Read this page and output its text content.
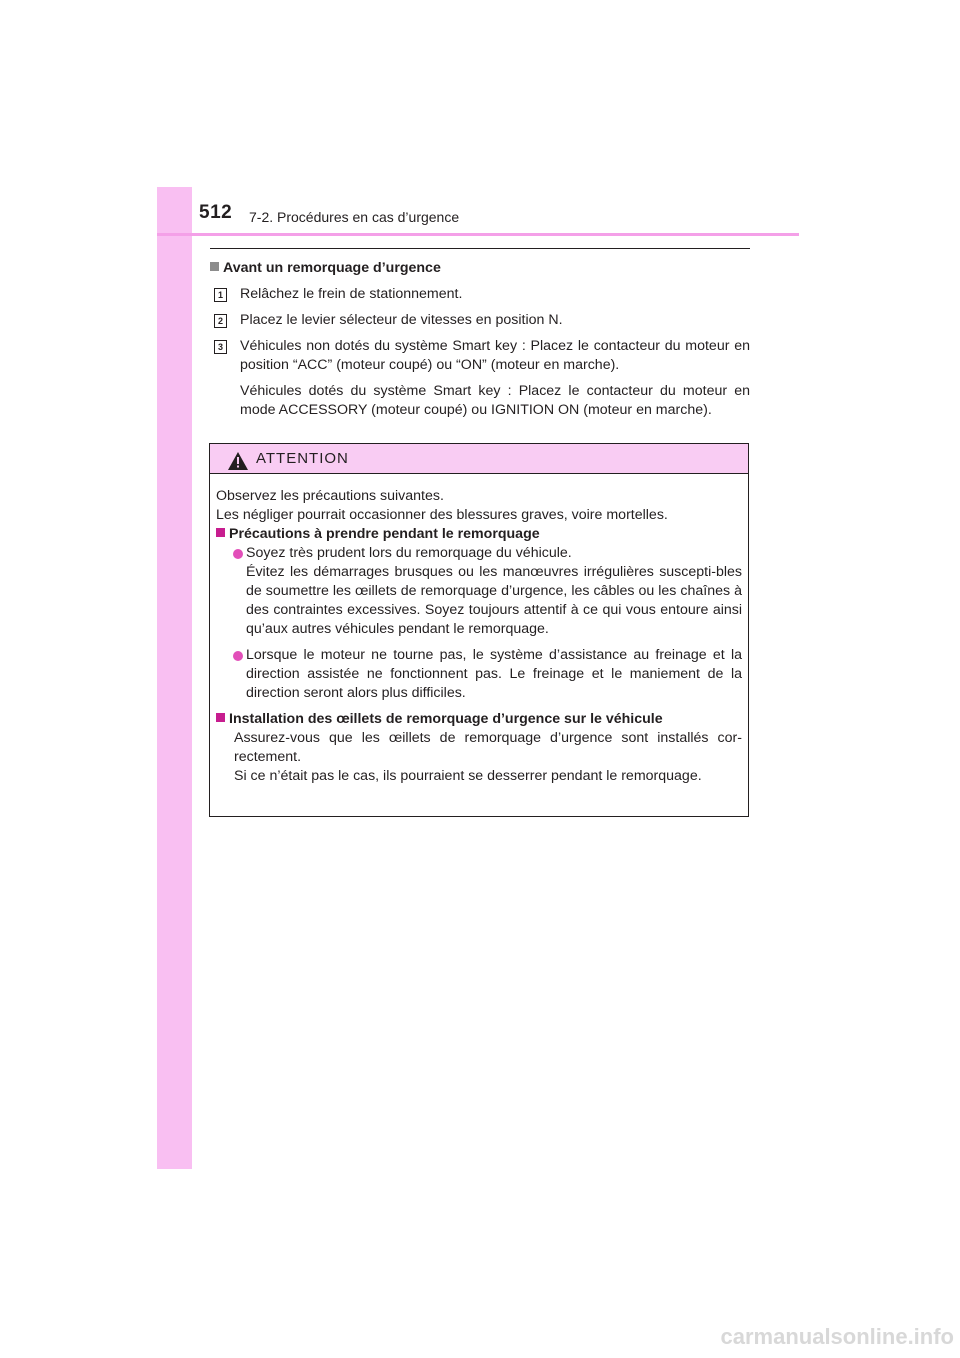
512 7-2. Procédures en cas d’urgence

Avant un remorquage d’urgence

1 Relâchez le frein de stationnement.
2 Placez le levier sélecteur de vitesses en position N.
3 Véhicules non dotés du système Smart key : Placez le contacteur du moteur en position “ACC” (moteur coupé) ou “ON” (moteur en marche).
Véhicules dotés du système Smart key : Placez le contacteur du moteur en mode ACCESSORY (moteur coupé) ou IGNITION ON (moteur en marche).
ATTENTION

Observez les précautions suivantes.

Les négliger pourrait occasionner des blessures graves, voire mortelles.

Précautions à prendre pendant le remorquage

Soyez très prudent lors du remorquage du véhicule.
Évitez les démarrages brusques ou les manœuvres irrégulières suscepti-bles de soumettre les œillets de remorquage d’urgence, les câbles ou les chaînes à des contraintes excessives. Soyez toujours attentif à ce qui vous entoure ainsi qu’aux autres véhicules pendant le remorquage.
Lorsque le moteur ne tourne pas, le système d’assistance au freinage et la direction assistée ne fonctionnent pas. Le freinage et le maniement de la direction seront alors plus difficiles.

Installation des œillets de remorquage d’urgence sur le véhicule

Assurez-vous que les œillets de remorquage d’urgence sont installés cor-rectement.
Si ce n’était pas le cas, ils pourraient se desserrer pendant le remorquage.
carmanualsonline.info
